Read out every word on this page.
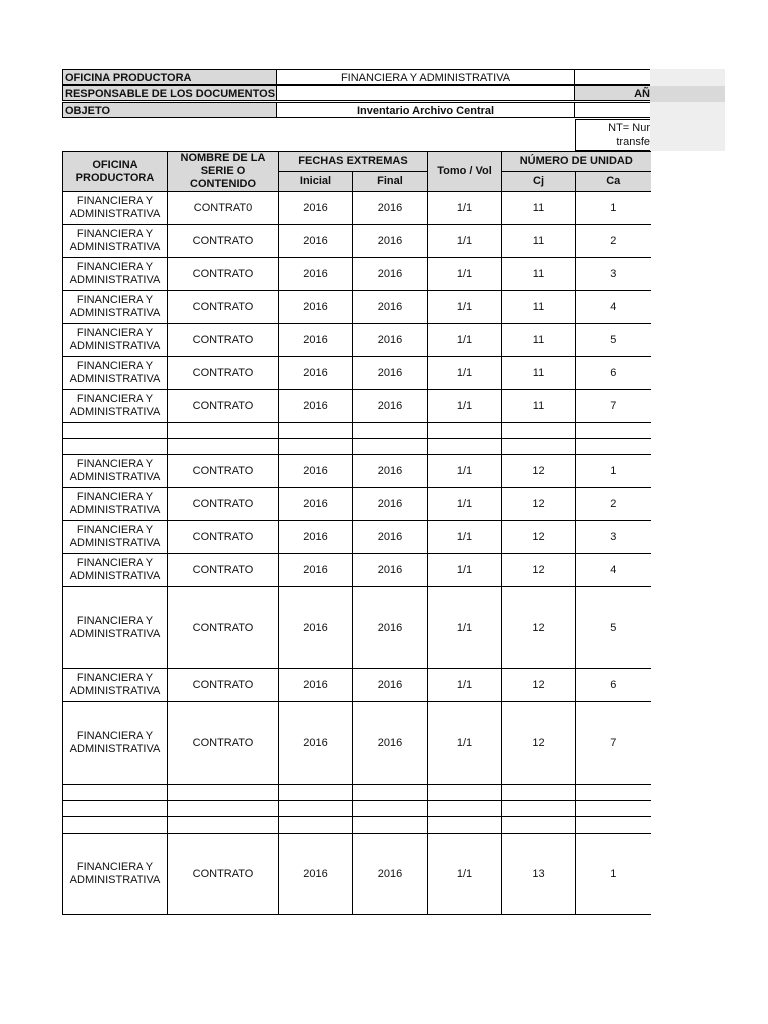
OFICINA PRODUCTORA	FINANCIERA Y ADMINISTRATIVA
RESPONSABLE DE LOS DOCUMENTOS	AÑ
OBJETO	Inventario Archivo Central
NT= Nur
transfe
OFICINA PRODUCTORA	NOMBRE DE LA SERIE O CONTENIDO	FECHAS EXTREMAS		Tomo / Vol	NÚMERO DE UNIDAD	
		Inicial	Final		Cj	Ca
FINANCIERA Y ADMINISTRATIVA	CONTRAT0	2016	2016	1/1	11	1
FINANCIERA Y ADMINISTRATIVA	CONTRATO	2016	2016	1/1	11	2
FINANCIERA Y ADMINISTRATIVA	CONTRATO	2016	2016	1/1	11	3
FINANCIERA Y ADMINISTRATIVA	CONTRATO	2016	2016	1/1	11	4
FINANCIERA Y ADMINISTRATIVA	CONTRATO	2016	2016	1/1	11	5
FINANCIERA Y ADMINISTRATIVA	CONTRATO	2016	2016	1/1	11	6
FINANCIERA Y ADMINISTRATIVA	CONTRATO	2016	2016	1/1	11	7

FINANCIERA Y ADMINISTRATIVA	CONTRATO	2016	2016	1/1	12	1
FINANCIERA Y ADMINISTRATIVA	CONTRATO	2016	2016	1/1	12	2
FINANCIERA Y ADMINISTRATIVA	CONTRATO	2016	2016	1/1	12	3
FINANCIERA Y ADMINISTRATIVA	CONTRATO	2016	2016	1/1	12	4
FINANCIERA Y ADMINISTRATIVA	CONTRATO	2016	2016	1/1	12	5
FINANCIERA Y ADMINISTRATIVA	CONTRATO	2016	2016	1/1	12	6
FINANCIERA Y ADMINISTRATIVA	CONTRATO	2016	2016	1/1	12	7

FINANCIERA Y ADMINISTRATIVA	CONTRATO	2016	2016	1/1	13	1
